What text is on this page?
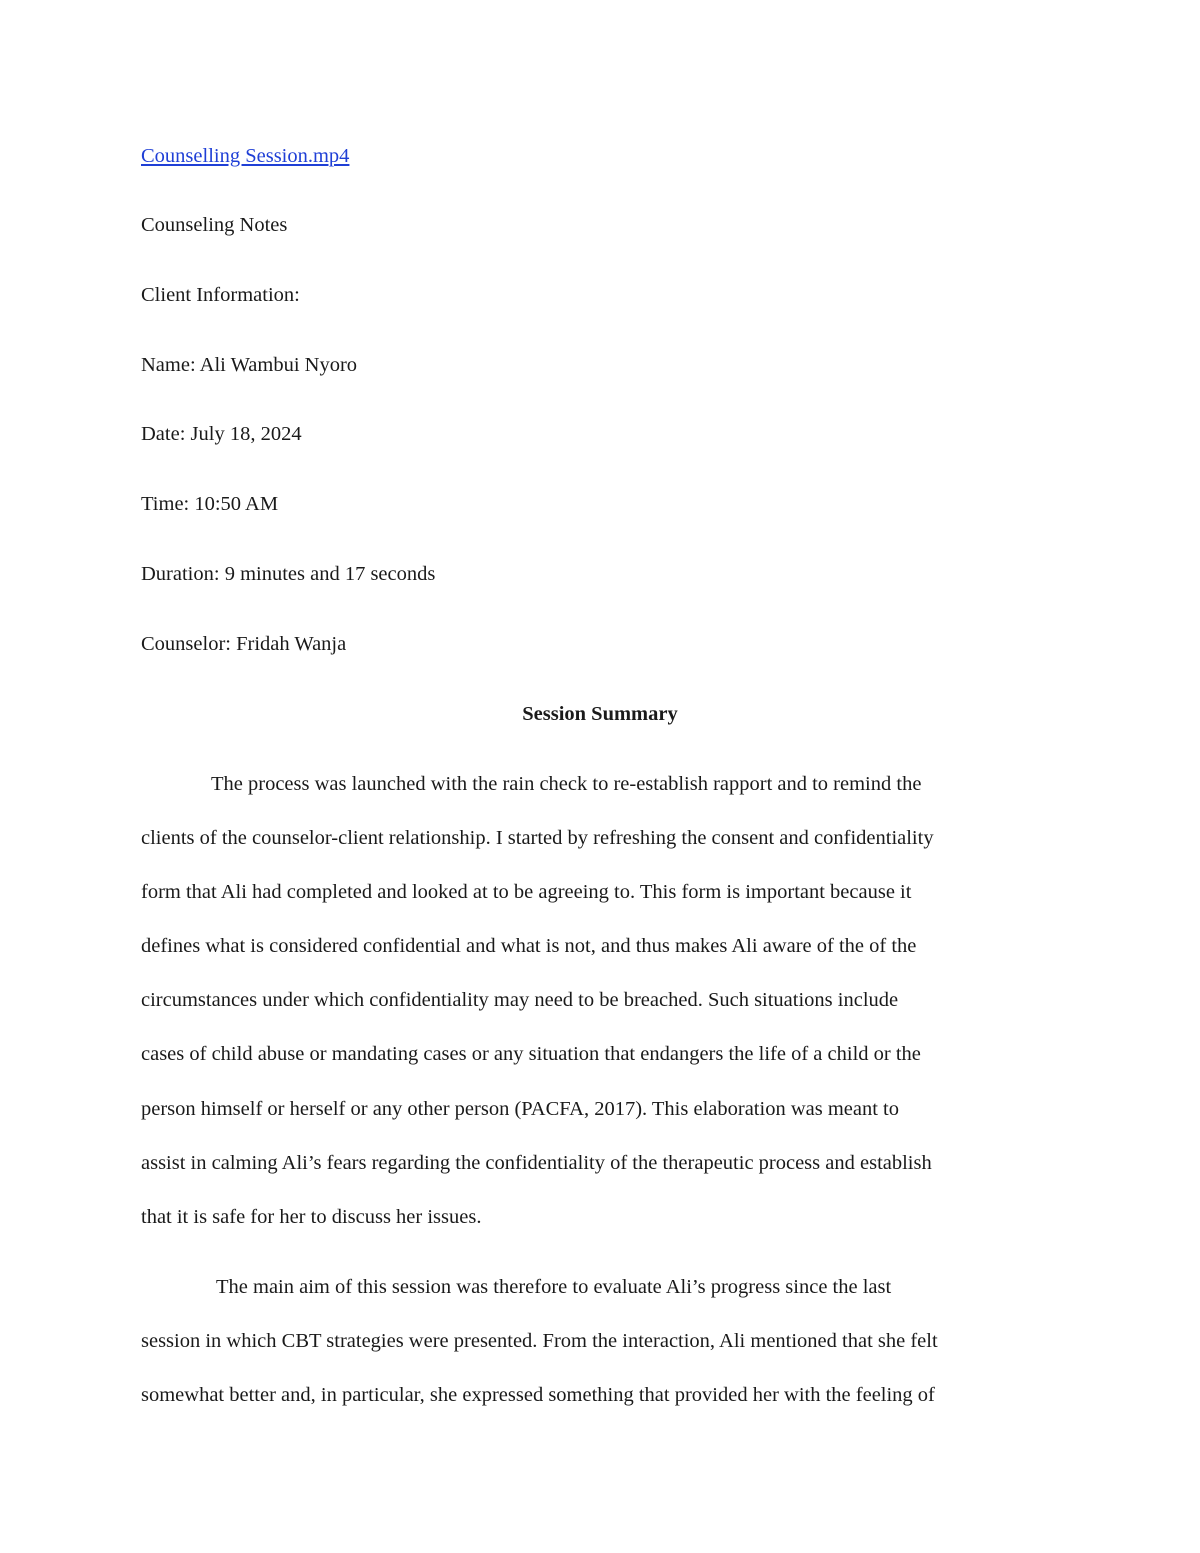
Counselling Session.mp4
Counseling Notes
Client Information:
Name: Ali Wambui Nyoro
Date: July 18, 2024
Time: 10:50 AM
Duration: 9 minutes and 17 seconds
Counselor: Fridah Wanja
Session Summary
The process was launched with the rain check to re-establish rapport and to remind the
clients of the counselor-client relationship. I started by refreshing the consent and confidentiality
form that Ali had completed and looked at to be agreeing to. This form is important because it
defines what is considered confidential and what is not, and thus makes Ali aware of the of the
circumstances under which confidentiality may need to be breached. Such situations include
cases of child abuse or mandating cases or any situation that endangers the life of a child or the
person himself or herself or any other person (PACFA, 2017). This elaboration was meant to
assist in calming Ali’s fears regarding the confidentiality of the therapeutic process and establish
that it is safe for her to discuss her issues.
The main aim of this session was therefore to evaluate Ali’s progress since the last
session in which CBT strategies were presented. From the interaction, Ali mentioned that she felt
somewhat better and, in particular, she expressed something that provided her with the feeling of
